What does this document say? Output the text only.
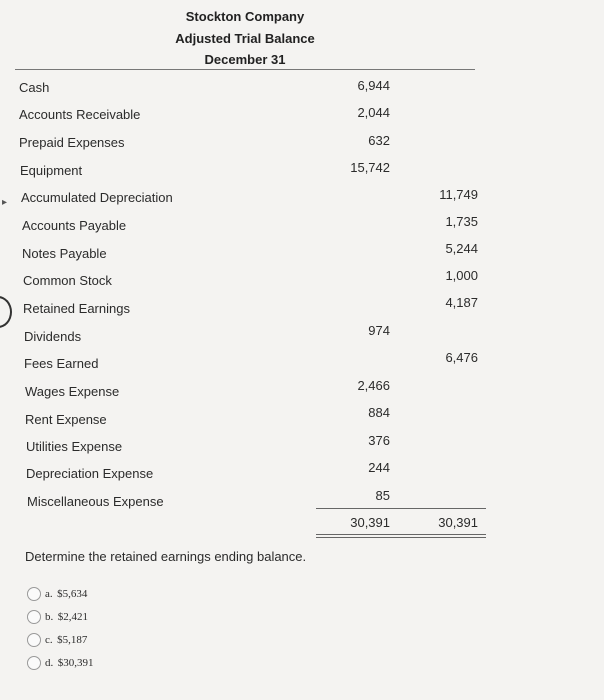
Stockton Company
Adjusted Trial Balance
December 31
▸
Cash
Accounts Receivable
Prepaid Expenses
Equipment
Accumulated Depreciation
Accounts Payable
Notes Payable
Common Stock
Retained Earnings
Dividends
Fees Earned
Wages Expense
Rent Expense
Utilities Expense
Depreciation Expense
Miscellaneous Expense
6,944
2,044
632
15,742
974
2,466
884
376
244
85
11,749
1,735
5,244
1,000
4,187
6,476
30,391	30,391
Determine the retained earnings ending balance.
a.
$5,634
b.
$2,421
c.
$5,187
d.
$30,391
